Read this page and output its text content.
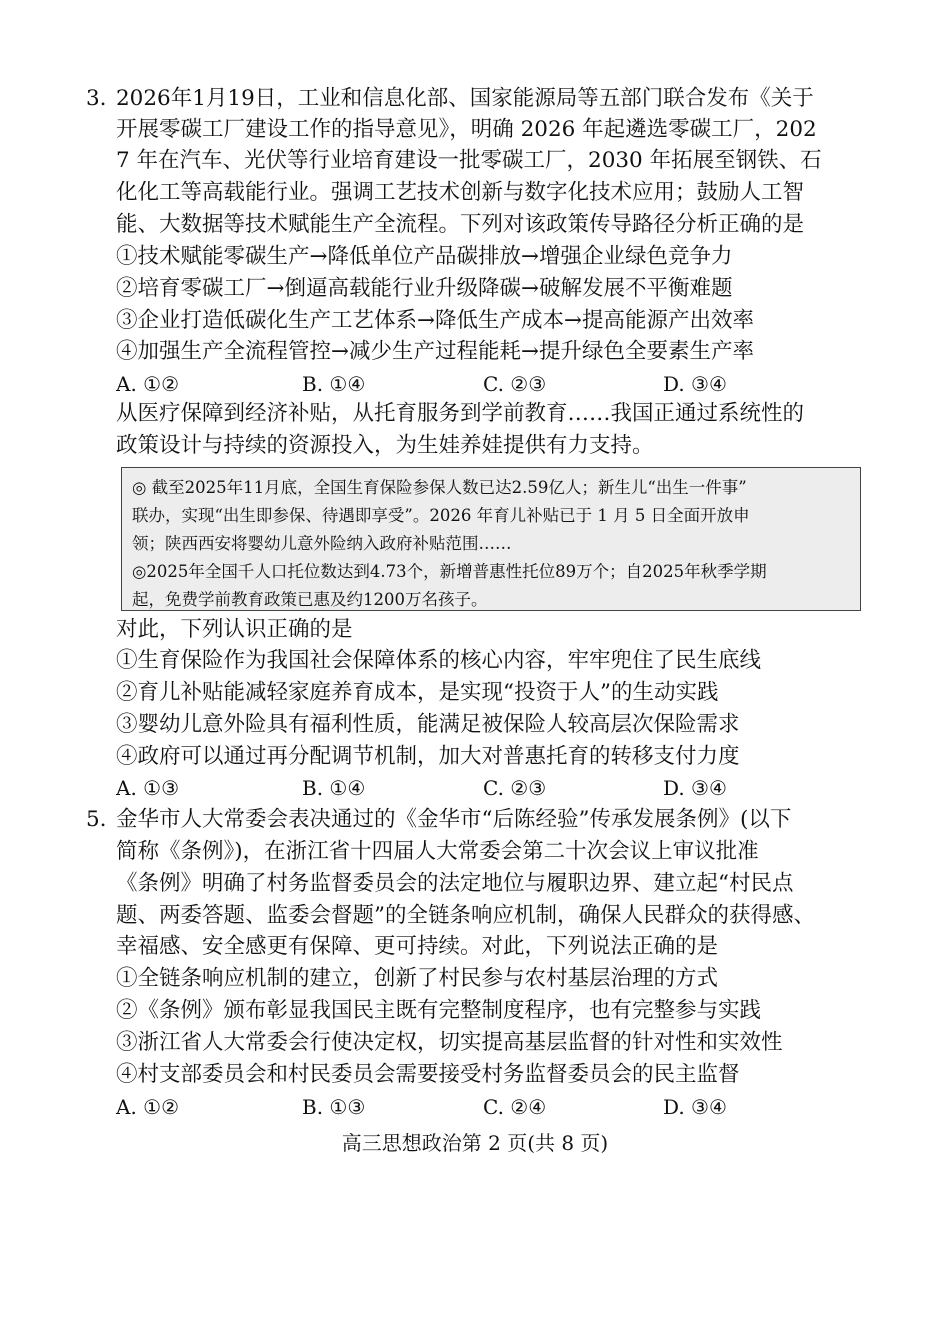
3. 2026年1月19日，工业和信息化部、国家能源局等五部门联合发布《关于
开展零碳工厂建设工作的指导意见》，明确 2026 年起遴选零碳工厂，202
7 年在汽车、光伏等行业培育建设一批零碳工厂，2030 年拓展至钢铁、石
化化工等高载能行业。强调工艺技术创新与数字化技术应用；鼓励人工智
能、大数据等技术赋能生产全流程。下列对该政策传导路径分析正确的是
①技术赋能零碳生产→降低单位产品碳排放→增强企业绿色竞争力
②培育零碳工厂→倒逼高载能行业升级降碳→破解发展不平衡难题
③企业打造低碳化生产工艺体系→降低生产成本→提高能源产出效率
④加强生产全流程管控→减少生产过程能耗→提升绿色全要素生产率
A. ①②	B. ①④	C. ②③	D. ③④
从医疗保障到经济补贴，从托育服务到学前教育……我国正通过系统性的
政策设计与持续的资源投入，为生娃养娃提供有力支持。
◎ 截至2025年11月底，全国生育保险参保人数已达2.59亿人；新生儿“出生一件事”
联办，实现“出生即参保、待遇即享受”。2026 年育儿补贴已于 1 月 5 日全面开放申
领；陕西西安将婴幼儿意外险纳入政府补贴范围……
◎2025年全国千人口托位数达到4.73个，新增普惠性托位89万个；自2025年秋季学期
起，免费学前教育政策已惠及约1200万名孩子。
对此，下列认识正确的是
①生育保险作为我国社会保障体系的核心内容，牢牢兜住了民生底线
②育儿补贴能减轻家庭养育成本，是实现“投资于人”的生动实践
③婴幼儿意外险具有福利性质，能满足被保险人较高层次保险需求
④政府可以通过再分配调节机制，加大对普惠托育的转移支付力度
A. ①③	B. ①④	C. ②③	D. ③④
5. 金华市人大常委会表决通过的《金华市“后陈经验”传承发展条例》(以下
简称《条例》)，在浙江省十四届人大常委会第二十次会议上审议批准
《条例》明确了村务监督委员会的法定地位与履职边界、建立起“村民点
题、两委答题、监委会督题”的全链条响应机制，确保人民群众的获得感、
幸福感、安全感更有保障、更可持续。对此，下列说法正确的是
①全链条响应机制的建立，创新了村民参与农村基层治理的方式
②《条例》颁布彰显我国民主既有完整制度程序，也有完整参与实践
③浙江省人大常委会行使决定权，切实提高基层监督的针对性和实效性
④村支部委员会和村民委员会需要接受村务监督委员会的民主监督
A. ①②	B. ①③	C. ②④	D. ③④
高三思想政治第 2 页(共 8 页)
